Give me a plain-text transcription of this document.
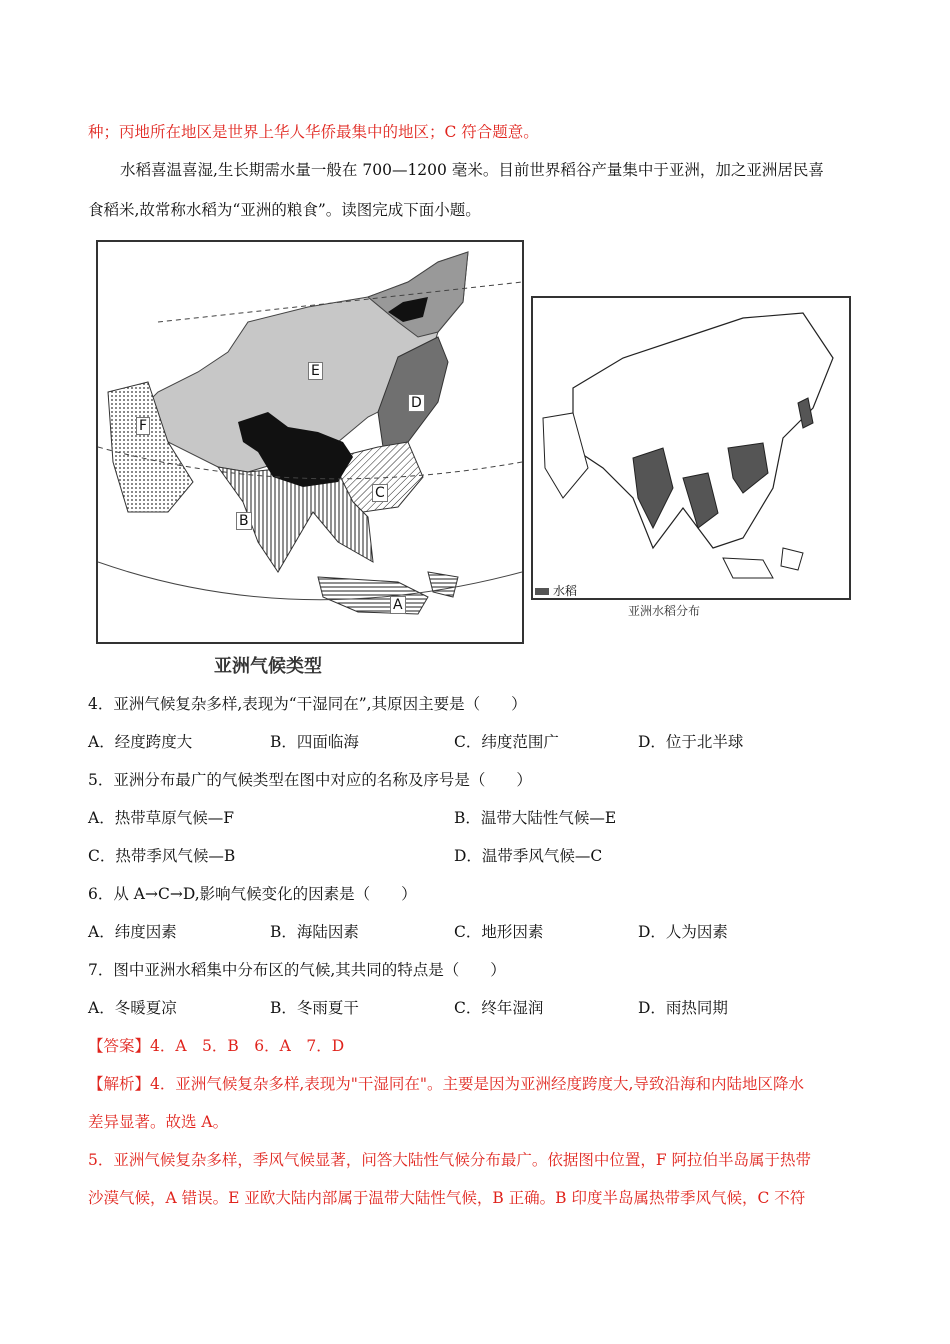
种；丙地所在地区是世界上华人华侨最集中的地区；C 符合题意。
水稻喜温喜湿,生长期需水量一般在 700—1200 毫米。目前世界稻谷产量集中于亚洲，加之亚洲居民喜
食稻米,故常称水稻为“亚洲的粮食”。读图完成下面小题。
E
D
F
C
B
A
亚洲气候类型
水稻
亚洲水稻分布
4．亚洲气候复杂多样,表现为“干湿同在”,其原因主要是（　　）
A．经度跨度大	B．四面临海	C．纬度范围广	D．位于北半球
5．亚洲分布最广的气候类型在图中对应的名称及序号是（　　）
A．热带草原气候—F	B．温带大陆性气候—E
C．热带季风气候—B	D．温带季风气候—C
6．从 A→C→D,影响气候变化的因素是（　　）
A．纬度因素	B．海陆因素	C．地形因素	D．人为因素
7．图中亚洲水稻集中分布区的气候,其共同的特点是（　　）
A．冬暖夏凉	B．冬雨夏干	C．终年湿润	D．雨热同期
【答案】4．A　5．B　6．A　7．D
【解析】4．亚洲气候复杂多样,表现为"干湿同在"。主要是因为亚洲经度跨度大,导致沿海和内陆地区降水
差异显著。故选 A。
5．亚洲气候复杂多样，季风气候显著，问答大陆性气候分布最广。依据图中位置，F 阿拉伯半岛属于热带
沙漠气候，A 错误。E 亚欧大陆内部属于温带大陆性气候，B 正确。B 印度半岛属热带季风气候，C 不符
